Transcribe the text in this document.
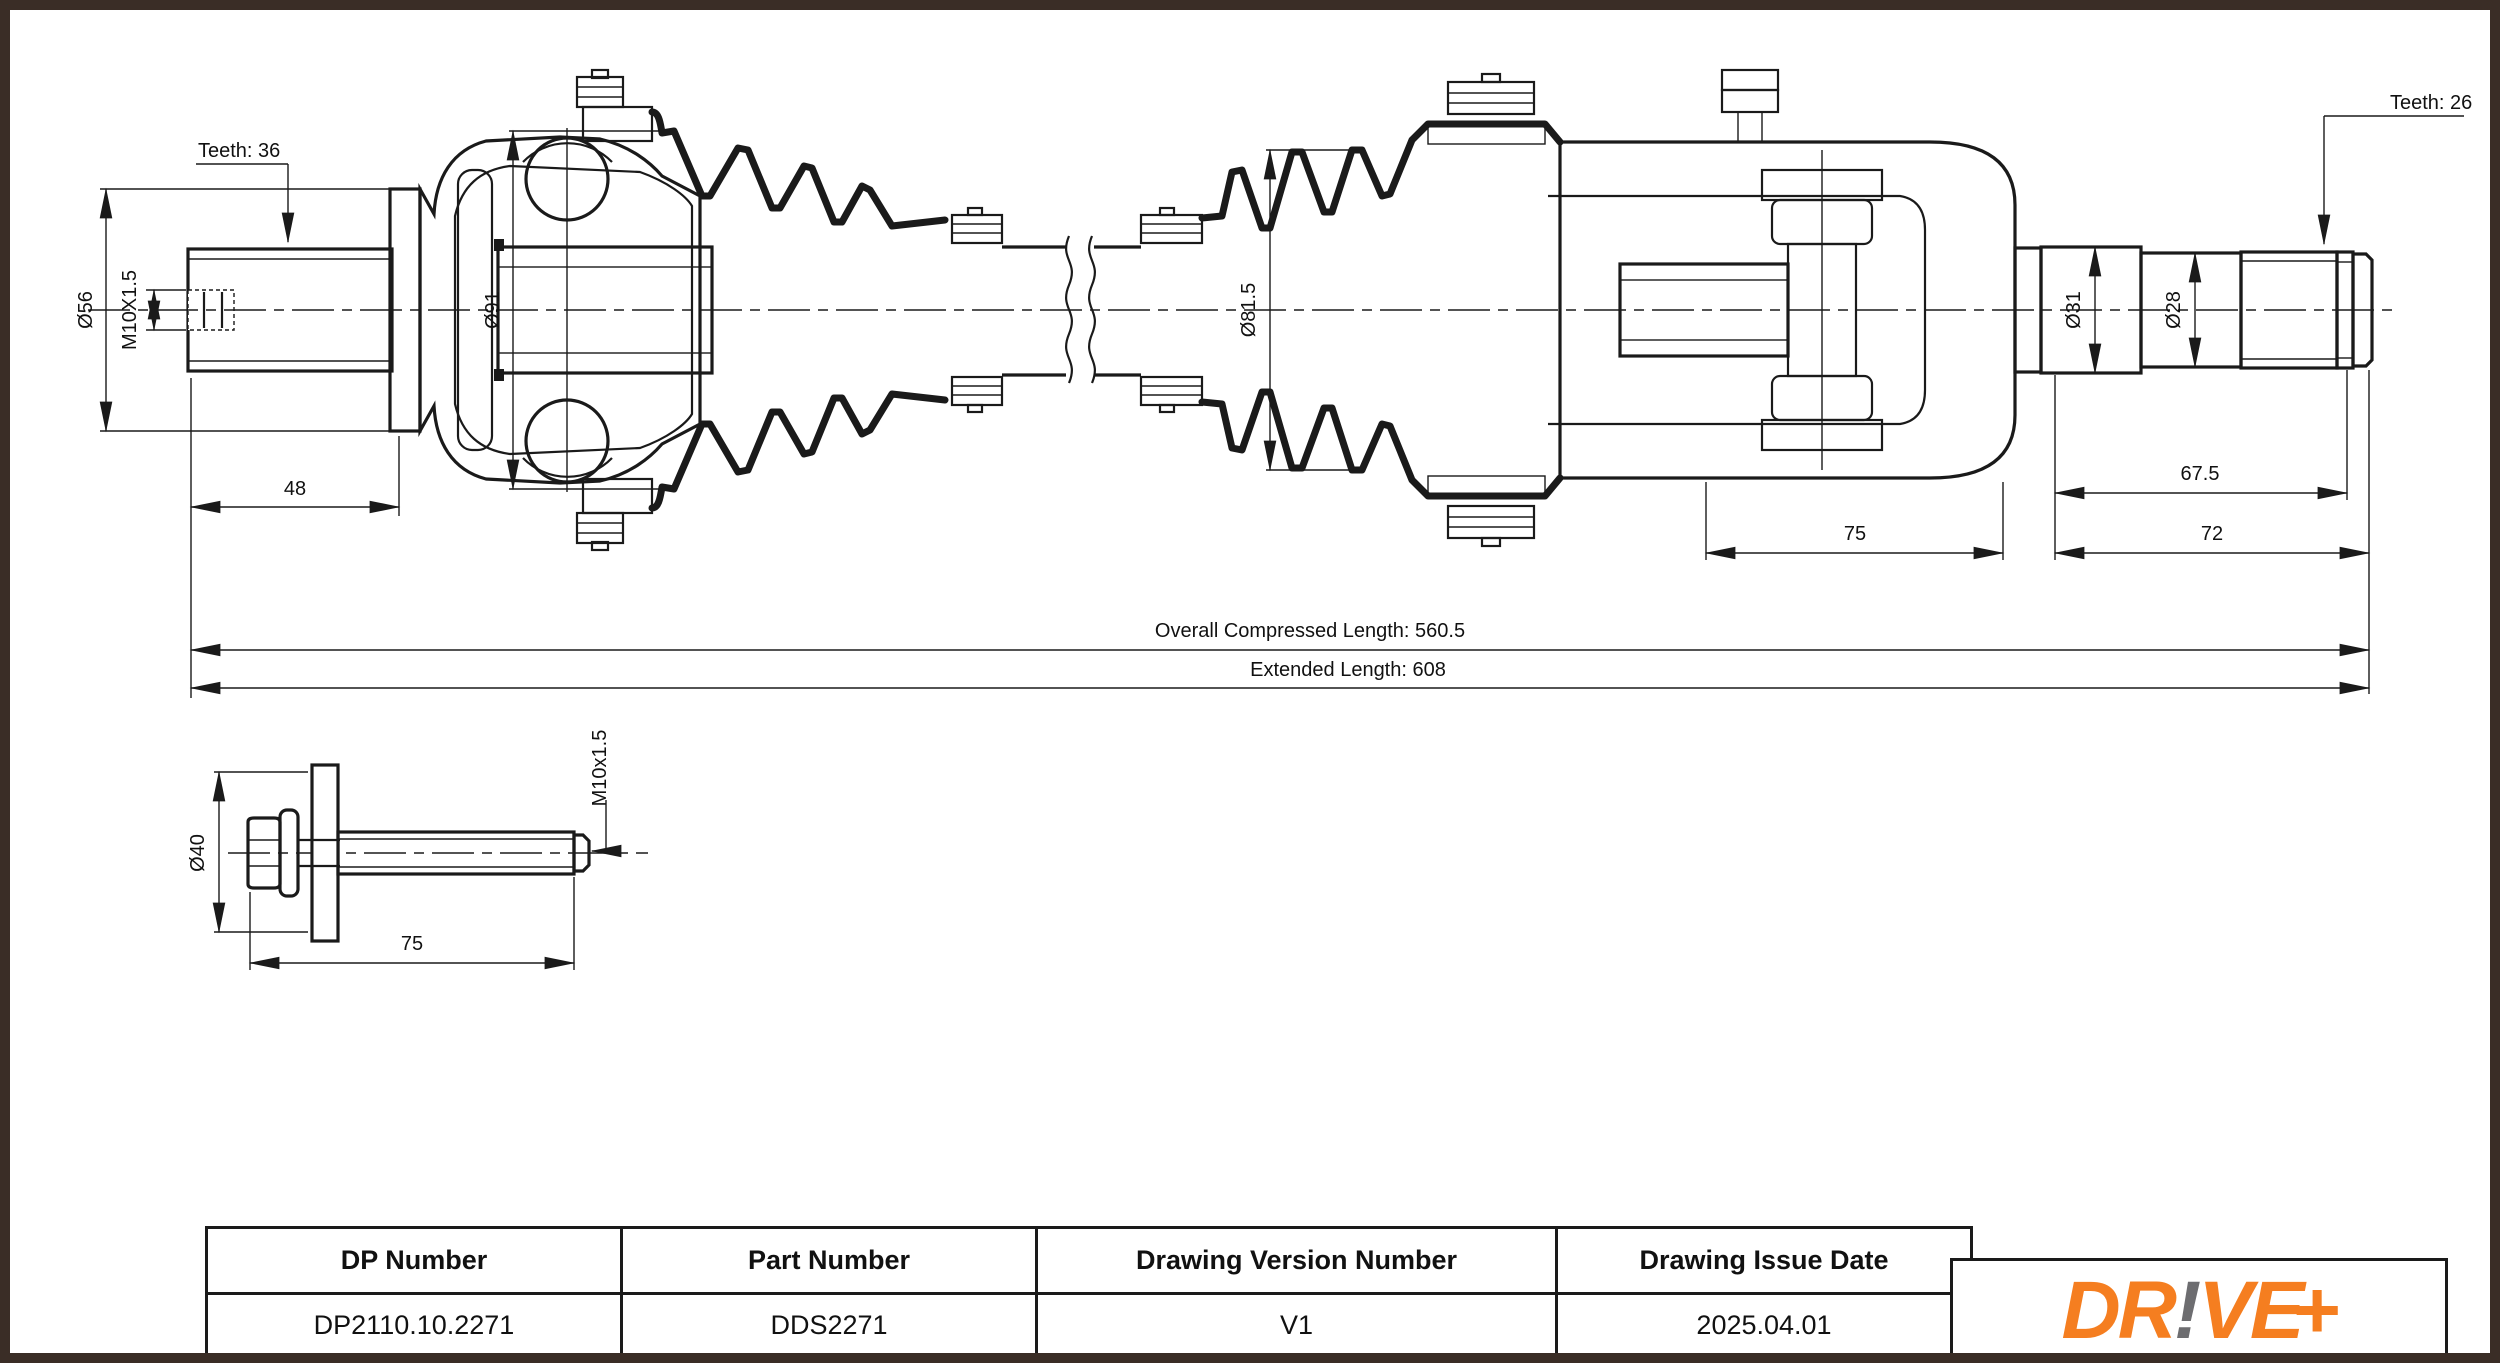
Teeth: 36
Ø56 M10X1.5
48
Ø91	Ø81.5	Ø31	Ø28
Teeth: 26
75
67.5
72
Overall Compressed Length: 560.5
Extended Length: 608
Ø40
75
M10x1.5
DP Number	Part Number	Drawing Version Number	Drawing Issue Date
DP2110.10.2271	DDS2271	V1	2025.04.01	DR ! VE
+
